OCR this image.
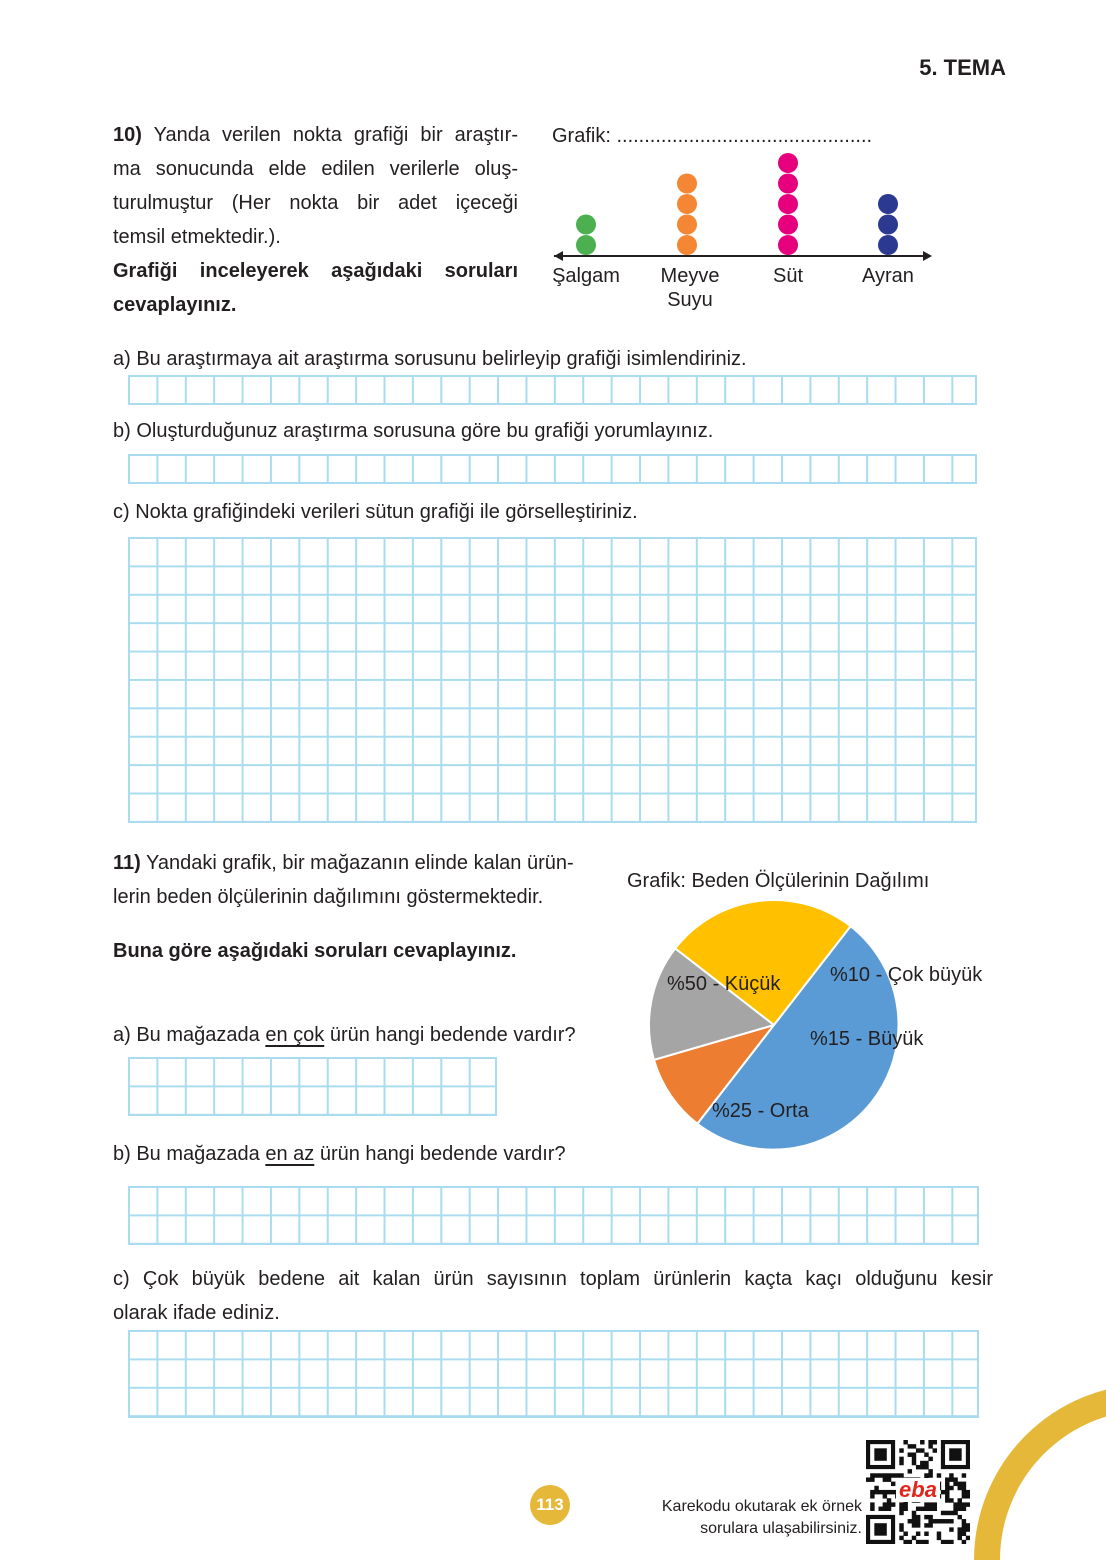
5. TEMA
10) Yanda verilen nokta grafiği bir araştır-
ma sonucunda elde edilen verilerle oluş-
turulmuştur (Her nokta bir adet içeceği
temsil etmektedir.).
Grafiği inceleyerek aşağıdaki soruları
cevaplayınız.
Grafik: ..............................................
Şalgam Meyve
Suyu
Süt	Ayran
a) Bu araştırmaya ait araştırma sorusunu belirleyip grafiği isimlendiriniz.
b) Oluşturduğunuz araştırma sorusuna göre bu grafiği yorumlayınız.
c) Nokta grafiğindeki verileri sütun grafiği ile görselleştiriniz.
11) Yandaki grafik, bir mağazanın elinde kalan ürün-
lerin beden ölçülerinin dağılımını göstermektedir.
Buna göre aşağıdaki soruları cevaplayınız.
a) Bu mağazada en çok ürün hangi bedende vardır?
b) Bu mağazada en az ürün hangi bedende vardır?
c) Çok büyük bedene ait kalan ürün sayısının toplam ürünlerin kaçta kaçı olduğunu kesir
olarak ifade ediniz.
Grafik: Beden Ölçülerinin Dağılımı
%50 - Küçük %10 - Çok büyük
%15 - Büyük
%25 - Orta
113	Karekodu okutarak ek örnek
sorulara ulaşabilirsiniz.
eba
